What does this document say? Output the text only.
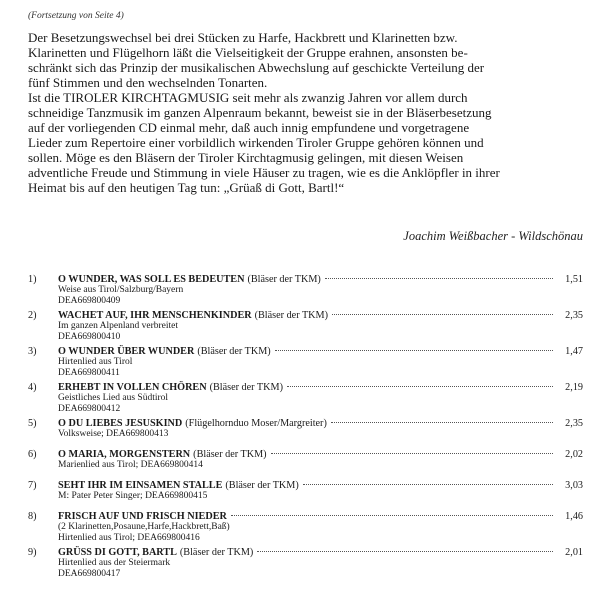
(Fortsetzung von Seite 4)

Der Besetzungswechsel bei drei Stücken zu Harfe, Hackbrett und Klarinetten bzw.
Klarinetten und Flügelhorn läßt die Vielseitigkeit der Gruppe erahnen, ansonsten be-
schränkt sich das Prinzip der musikalischen Abwechslung auf geschickte Verteilung der
fünf Stimmen und den wechselnden Tonarten.

Ist die TIROLER KIRCHTAGMUSIG seit mehr als zwanzig Jahren vor allem durch
schneidige Tanzmusik im ganzen Alpenraum bekannt, beweist sie in der Bläserbesetzung
auf der vorliegenden CD einmal mehr, daß auch innig empfundene und vorgetragene
Lieder zum Repertoire einer vorbildlich wirkenden Tiroler Gruppe gehören können und
sollen. Möge es den Bläsern der Tiroler Kirchtagmusig gelingen, mit diesen Weisen
adventliche Freude und Stimmung in viele Häuser zu tragen, wie es die Anklöpfler in ihrer
Heimat bis auf den heutigen Tag tun: „Grüaß di Gott, Bartl!“

Joachim Weißbacher - Wildschönau
1)	O WUNDER, WAS SOLL ES BEDEUTEN (Bläser der TKM)	1,51
Weise aus Tirol/Salzburg/Bayern
DEA669800409
2)	WACHET AUF, IHR MENSCHENKINDER (Bläser der TKM)	2,35
Im ganzen Alpenland verbreitet
DEA669800410
3)	O WUNDER ÜBER WUNDER (Bläser der TKM)	1,47
Hirtenlied aus Tirol
DEA669800411
4)	ERHEBT IN VOLLEN CHÖREN (Bläser der TKM)	2,19
Geistliches Lied aus Südtirol
DEA669800412
5)	O DU LIEBES JESUSKIND (Flügelhornduo Moser/Margreiter)	2,35
Volksweise; DEA669800413
6)	O MARIA, MORGENSTERN (Bläser der TKM)	2,02
Marienlied aus Tirol; DEA669800414
7)	SEHT IHR IM EINSAMEN STALLE (Bläser der TKM)	3,03
M: Pater Peter Singer; DEA669800415
8)	FRISCH AUF UND FRISCH NIEDER	1,46
(2 Klarinetten,Posaune,Harfe,Hackbrett,Baß)
Hirtenlied aus Tirol; DEA669800416
9)	GRÜSS DI GOTT, BARTL (Bläser der TKM)	2,01
Hirtenlied aus der Steiermark
DEA669800417
